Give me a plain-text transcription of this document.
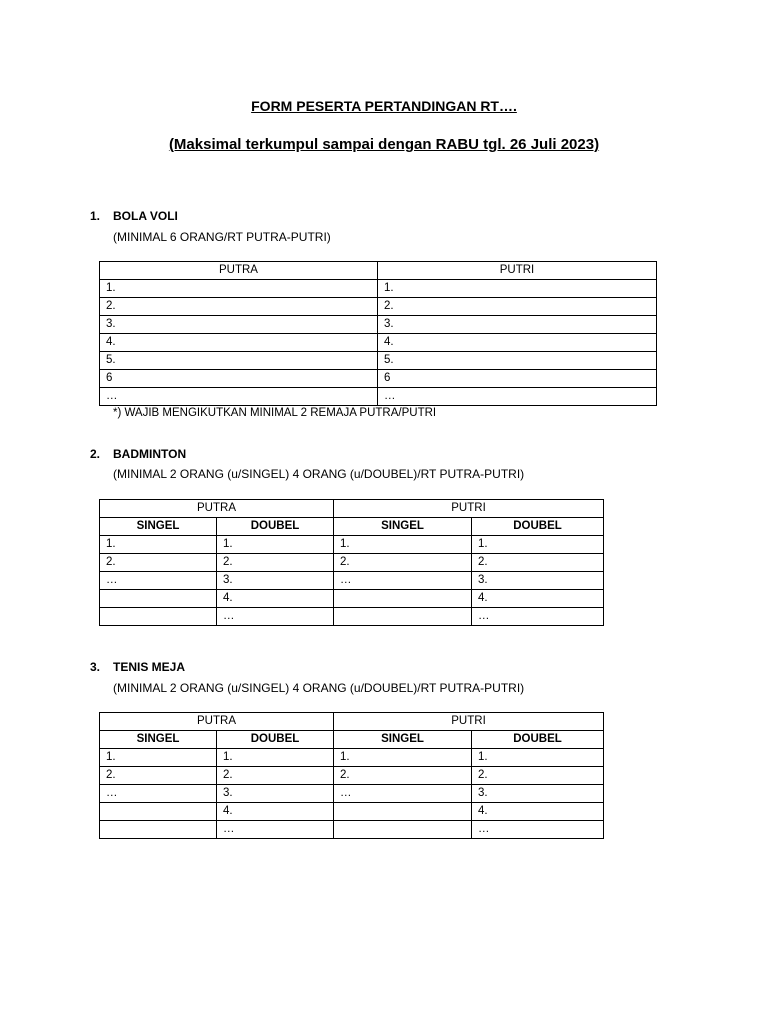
FORM PESERTA PERTANDINGAN RT….
(Maksimal terkumpul sampai dengan RABU tgl. 26 Juli 2023)
1. BOLA VOLI
(MINIMAL 6 ORANG/RT PUTRA-PUTRI)
PUTRA	PUTRI
1.	1.
2.	2.
3.	3.
4.	4.
5.	5.
6	6
…	…
*) WAJIB MENGIKUTKAN MINIMAL 2 REMAJA PUTRA/PUTRI
2. BADMINTON
(MINIMAL 2 ORANG (u/SINGEL) 4 ORANG (u/DOUBEL)/RT PUTRA-PUTRI)
PUTRA		PUTRI	
SINGEL	DOUBEL	SINGEL	DOUBEL
1.	1.	1.	1.
2.	2.	2.	2.
…	3.	…	3.
	4.		4.
	…		…
3. TENIS MEJA
(MINIMAL 2 ORANG (u/SINGEL) 4 ORANG (u/DOUBEL)/RT PUTRA-PUTRI)
PUTRA		PUTRI	
SINGEL	DOUBEL	SINGEL	DOUBEL
1.	1.	1.	1.
2.	2.	2.	2.
…	3.	…	3.
	4.		4.
	…		…
